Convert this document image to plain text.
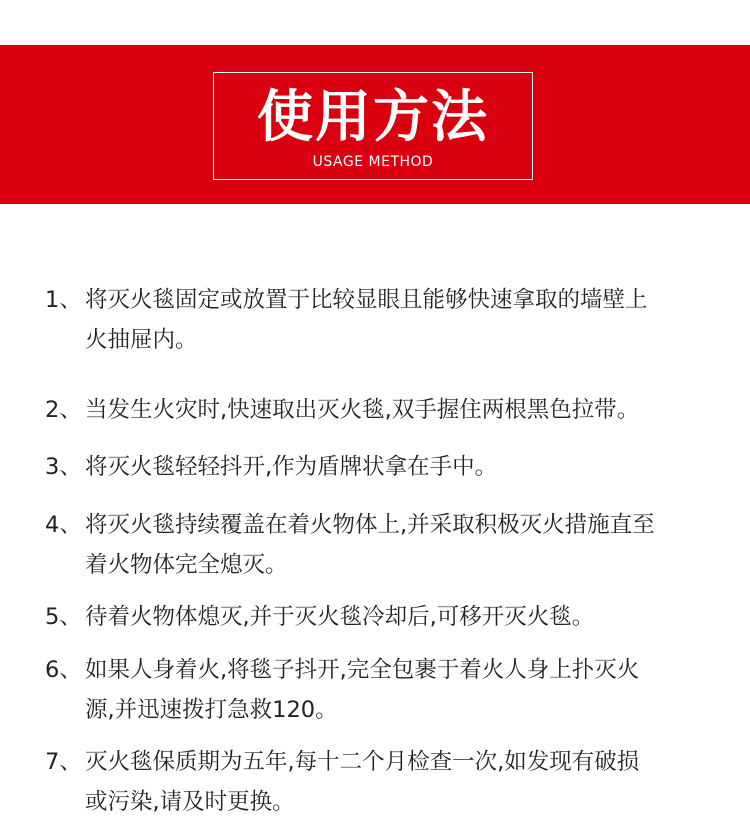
使用方法
USAGE METHOD
1、 将灭火毯固定或放置于比较显眼且能够快速拿取的墙壁上
火抽屉内。
2、 当发生火灾时,快速取出灭火毯,双手握住两根黑色拉带。
3、 将灭火毯轻轻抖开,作为盾牌状拿在手中。
4、 将灭火毯持续覆盖在着火物体上,并采取积极灭火措施直至
着火物体完全熄灭。
5、 待着火物体熄灭,并于灭火毯冷却后,可移开灭火毯。
6、 如果人身着火,将毯子抖开,完全包裹于着火人身上扑灭火
源,并迅速拨打急救120。
7、 灭火毯保质期为五年,每十二个月检查一次,如发现有破损
或污染,请及时更换。
